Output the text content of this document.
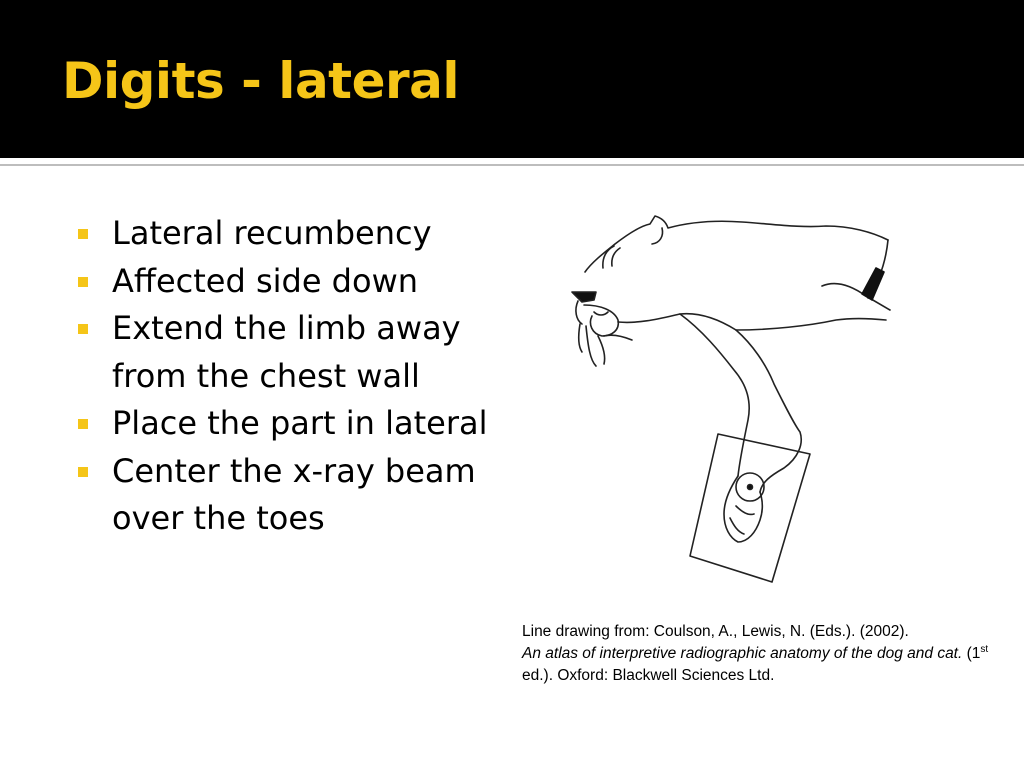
Digits - lateral
Lateral recumbency
Affected side down
Extend the limb away from the chest wall
Place the part in lateral
Center the x-ray beam over the toes
Line drawing from: Coulson, A., Lewis, N. (Eds.). (2002).
An atlas of interpretive radiographic anatomy of the dog and cat. (1st ed.). Oxford: Blackwell Sciences Ltd.
